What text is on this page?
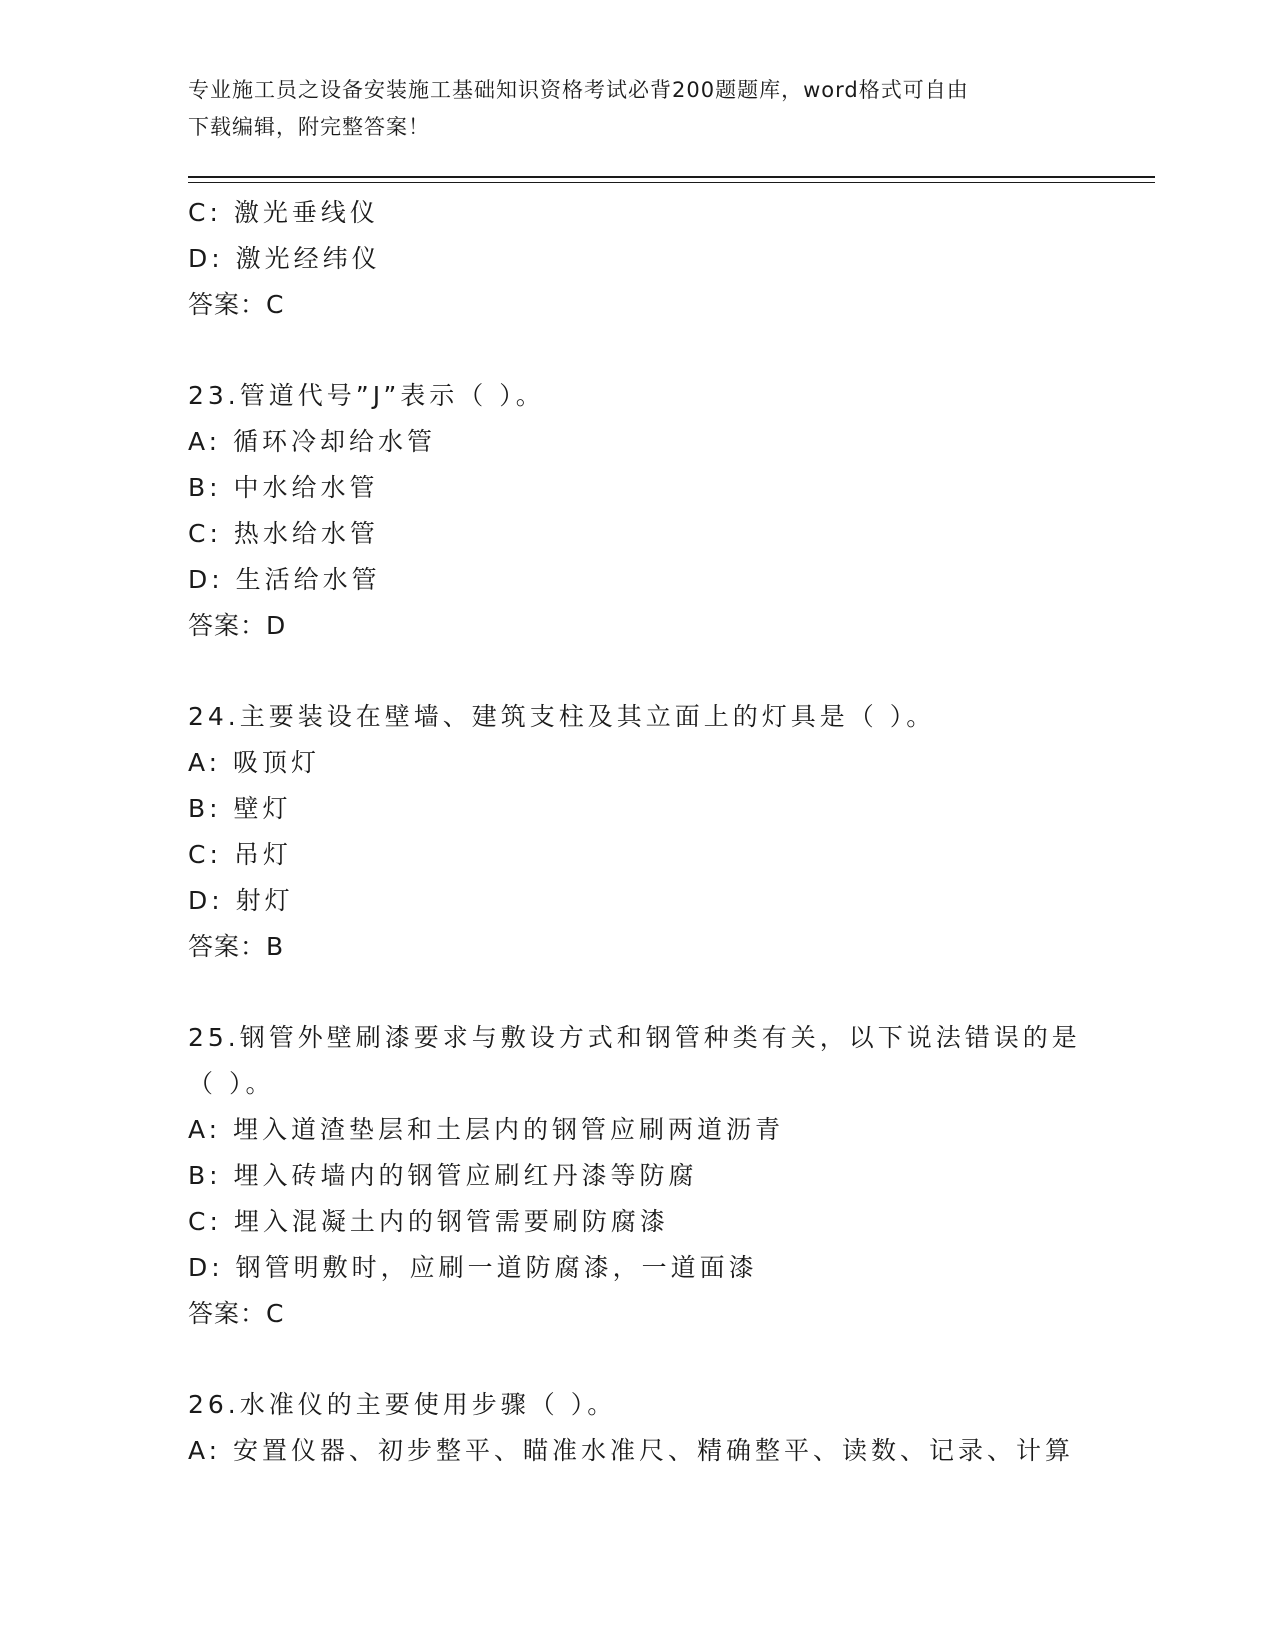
专业施工员之设备安装施工基础知识资格考试必背200题题库，word格式可自由
下载编辑，附完整答案！
C: 激光垂线仪
D: 激光经纬仪
答案：C
23.管道代号”J”表示（ ）。
A: 循环冷却给水管
B: 中水给水管
C: 热水给水管
D: 生活给水管
答案：D
24.主要装设在壁墙、建筑支柱及其立面上的灯具是（ ）。
A: 吸顶灯
B: 壁灯
C: 吊灯
D: 射灯
答案：B
25.钢管外壁刷漆要求与敷设方式和钢管种类有关，以下说法错误的是
（ ）。
A: 埋入道渣垫层和土层内的钢管应刷两道沥青
B: 埋入砖墙内的钢管应刷红丹漆等防腐
C: 埋入混凝土内的钢管需要刷防腐漆
D: 钢管明敷时，应刷一道防腐漆，一道面漆
答案：C
26.水准仪的主要使用步骤（ ）。
A: 安置仪器、初步整平、瞄准水准尺、精确整平、读数、记录、计算
